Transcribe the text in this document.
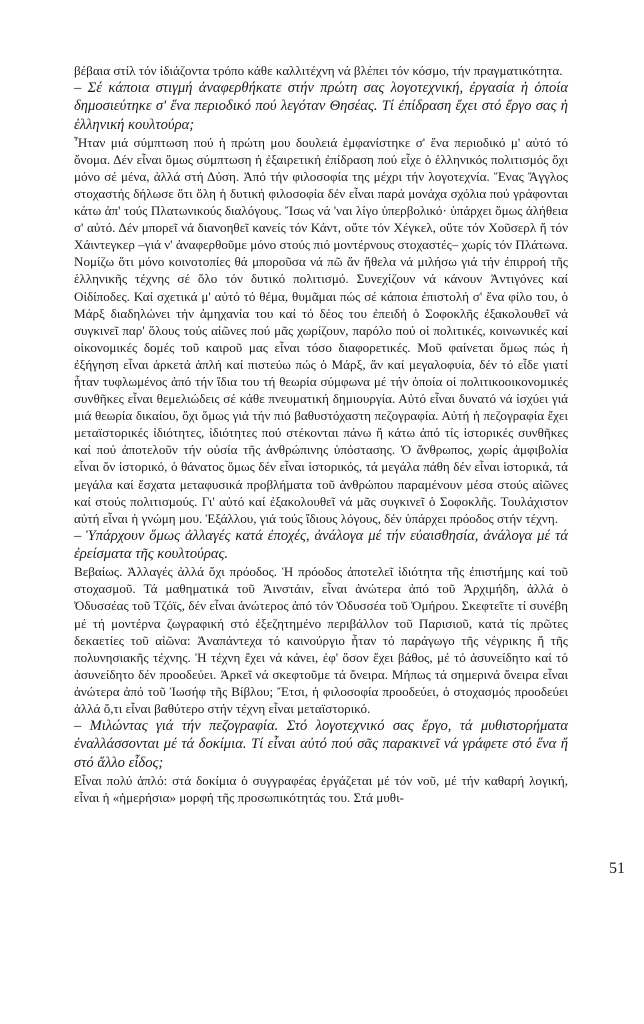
βέβαια στίλ τόν ἰδιάζοντα τρόπο κάθε καλλιτέχνη νά βλέπει τόν κόσμο, τήν πραγματικότητα.

– Σέ κάποια στιγμή ἀναφερθήκατε στήν πρώτη σας λογοτεχνική, ἐργασία ἡ ὁποία δημοσιεύτηκε σ' ἕνα περιοδικό πού λεγόταν Θησέας. Τί ἐπίδραση ἔχει στό ἔργο σας ἡ ἑλληνική κουλτούρα;

Ἦταν μιά σύμπτωση πού ἡ πρώτη μου δουλειά ἐμφανίστηκε σ' ἕνα περιοδικό μ' αὐτό τό ὄνομα. Δέν εἶναι ὅμως σύμπτωση ἡ ἐξαιρετική ἐπίδραση πού εἶχε ὁ ἑλληνικός πολιτισμός ὄχι μόνο σέ μένα, ἀλλά στή Δύση. Ἀπό τήν φιλοσοφία της μέχρι τήν λογοτεχνία. Ἕνας Ἄγγλος στοχαστής δήλωσε ὅτι ὅλη ἡ δυτική φιλοσοφία δέν εἶναι παρά μονάχα σχόλια πού γράφονται κάτω ἀπ' τούς Πλατωνικούς διαλόγους. Ἴσως νά 'ναι λίγο ὑπερβολικό· ὑπάρχει ὅμως ἀλήθεια σ' αὐτό. Δέν μπορεῖ νά διανοηθεῖ κανείς τόν Κάντ, οὔτε τόν Χέγκελ, οὔτε τόν Χοῦσερλ ἤ τόν Χάιντεγκερ –γιά ν' ἀναφερθοῦμε μόνο στούς πιό μοντέρνους στοχαστές– χωρίς τόν Πλάτωνα. Νομίζω ὅτι μόνο κοινοτοπίες θά μποροῦσα νά πῶ ἄν ἤθελα νά μιλήσω γιά τήν ἐπιρροή τῆς ἑλληνικῆς τέχνης σέ ὅλο τόν δυτικό πολιτισμό. Συνεχίζουν νά κάνουν Ἀντιγόνες καί Οἰδίποδες. Καί σχετικά μ' αὐτό τό θέμα, θυμᾶμαι πώς σέ κάποια ἐπιστολή σ' ἕνα φίλο του, ὁ Μάρξ διαδηλώνει τήν ἀμηχανία του καί τό δέος του ἐπειδή ὁ Σοφοκλῆς ἐξακολουθεῖ νά συγκινεῖ παρ' ὅλους τούς αἰῶνες πού μᾶς χωρίζουν, παρόλο πού οἱ πολιτικές, κοινωνικές καί οἰκονομικές δομές τοῦ καιροῦ μας εἶναι τόσο διαφορετικές. Μοῦ φαίνεται ὅμως πώς ἡ ἐξήγηση εἶναι ἀρκετά ἁπλή καί πιστεύω πώς ὁ Μάρξ, ἄν καί μεγαλοφυία, δέν τό εἶδε γιατί ἦταν τυφλωμένος ἀπό τήν ἴδια του τή θεωρία σύμφωνα μέ τήν ὁποία οἱ πολιτικοοικονομικές συνθῆκες εἶναι θεμελιώδεις σέ κάθε πνευματική δημιουργία. Αὐτό εἶναι δυνατό νά ἰσχύει γιά μιά θεωρία δικαίου, ὄχι ὅμως γιά τήν πιό βαθυστόχαστη πεζογραφία. Αὐτή ἡ πεζογραφία ἔχει μεταϊστορικές ἰδιότητες, ἰδιότητες πού στέκονται πάνω ἤ κάτω ἀπό τίς ἱστορικές συνθῆκες καί πού ἀποτελοῦν τήν οὐσία τῆς ἀνθρώπινης ὑπόστασης. Ὁ ἄνθρωπος, χωρίς ἀμφιβολία εἶναι ὄν ἱστορικό, ὁ θάνατος ὅμως δέν εἶναι ἱστορικός, τά μεγάλα πάθη δέν εἶναι ἱστορικά, τά μεγάλα καί ἔσχατα μεταφυσικά προβλήματα τοῦ ἀνθρώπου παραμένουν μέσα στούς αἰῶνες καί στούς πολιτισμούς. Γι' αὐτό καί ἐξακολουθεῖ νά μᾶς συγκινεῖ ὁ Σοφοκλῆς. Τουλάχιστον αὐτή εἶναι ἡ γνώμη μου. Ἐξάλλου, γιά τούς ἴδιους λόγους, δέν ὑπάρχει πρόοδος στήν τέχνη.

– Ὑπάρχουν ὅμως ἀλλαγές κατά ἐποχές, ἀνάλογα μέ τήν εὐαισθησία, ἀνάλογα μέ τά ἐρείσματα τῆς κουλτούρας.

Βεβαίως. Ἀλλαγές ἀλλά ὄχι πρόοδος. Ἡ πρόοδος ἀποτελεῖ ἰδιότητα τῆς ἐπιστήμης καί τοῦ στοχασμοῦ. Τά μαθηματικά τοῦ Ἀινστάιν, εἶναι ἀνώτερα ἀπό τοῦ Ἀρχιμήδη, ἀλλά ὁ Ὀδυσσέας τοῦ Τζόϊς, δέν εἶναι ἀνώτερος ἀπό τόν Ὀδυσσέα τοῦ Ὁμήρου. Σκεφτεῖτε τί συνέβη μέ τή μοντέρνα ζωγραφική στό ἐξεζητημένο περιβάλλον τοῦ Παρισιοῦ, κατά τίς πρῶτες δεκαετίες τοῦ αἰῶνα: Ἀναπάντεχα τό καινούργιο ἦταν τό παράγωγο τῆς νέγρικης ἤ τῆς πολυνησιακῆς τέχνης. Ἡ τέχνη ἔχει νά κάνει, ἐφ' ὅσον ἔχει βάθος, μέ τό ἀσυνείδητο καί τό ἀσυνείδητο δέν προοδεύει. Ἀρκεῖ νά σκεφτοῦμε τά ὄνειρα. Μήπως τά σημερινά ὄνειρα εἶναι ἀνώτερα ἀπό τοῦ Ἰωσήφ τῆς Βίβλου; Ἔτσι, ἡ φιλοσοφία προοδεύει, ὁ στοχασμός προοδεύει ἀλλά ὄ,τι εἶναι βαθύτερο στήν τέχνη εἶναι μεταϊστορικό.

– Μιλώντας γιά τήν πεζογραφία. Στό λογοτεχνικό σας ἔργο, τά μυθιστορήματα ἐναλλάσσονται μέ τά δοκίμια. Τί εἶναι αὐτό πού σᾶς παρακινεῖ νά γράφετε στό ἕνα ἤ στό ἄλλο εἶδος;

Εἶναι πολύ ἁπλό: στά δοκίμια ὁ συγγραφέας ἐργάζεται μέ τόν νοῦ, μέ τήν καθαρή λογική, εἶναι ἡ «ἡμερήσια» μορφή τῆς προσωπικότητάς του. Στά μυθι-

51
